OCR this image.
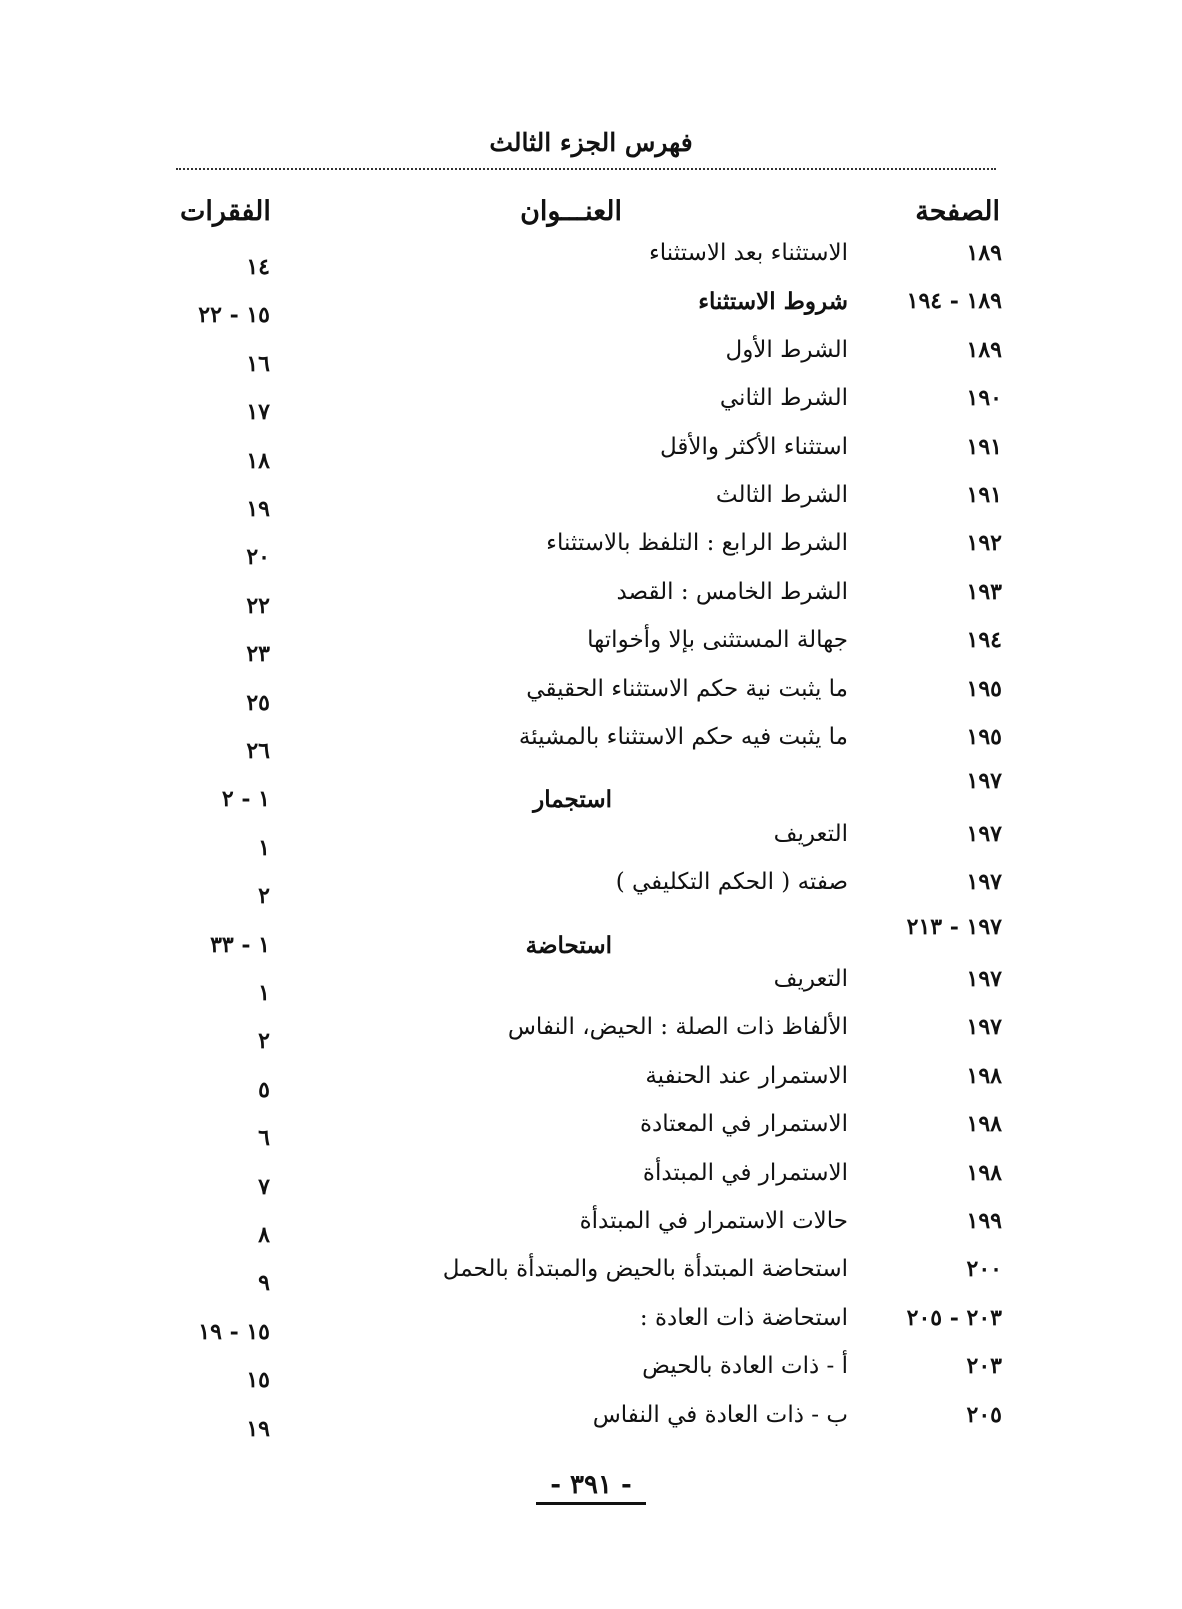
فهرس الجزء الثالث
الصفحة
العنـــوان
الفقرات
١٨٩
الاستثناء بعد الاستثناء
١٤
١٨٩ - ١٩٤
شروط الاستثناء
١٥ - ٢٢
١٨٩
الشرط الأول
١٦
١٩٠
الشرط الثاني
١٧
١٩١
استثناء الأكثر والأقل
١٨
١٩١
الشرط الثالث
١٩
١٩٢
الشرط الرابع : التلفظ بالاستثناء
٢٠
١٩٣
الشرط الخامس : القصد
٢٢
١٩٤
جهالة المستثنى بإلا وأخواتها
٢٣
١٩٥
ما يثبت نية حكم الاستثناء الحقيقي
٢٥
١٩٥
ما يثبت فيه حكم الاستثناء بالمشيئة
٢٦
١٩٧
استجمار
١ - ٢
١٩٧
التعريف
١
١٩٧
صفته ( الحكم التكليفي )
٢
١٩٧ - ٢١٣
استحاضة
١ - ٣٣
١٩٧
التعريف
١
١٩٧
الألفاظ ذات الصلة : الحيض، النفاس
٢
١٩٨
الاستمرار عند الحنفية
٥
١٩٨
الاستمرار في المعتادة
٦
١٩٨
الاستمرار في المبتدأة
٧
١٩٩
حالات الاستمرار في المبتدأة
٨
٢٠٠
استحاضة المبتدأة بالحيض والمبتدأة بالحمل
٩
٢٠٣ - ٢٠٥
استحاضة ذات العادة :
١٥ - ١٩
٢٠٣
أ - ذات العادة بالحيض
١٥
٢٠٥
ب - ذات العادة في النفاس
١٩
- ٣٩١ -
